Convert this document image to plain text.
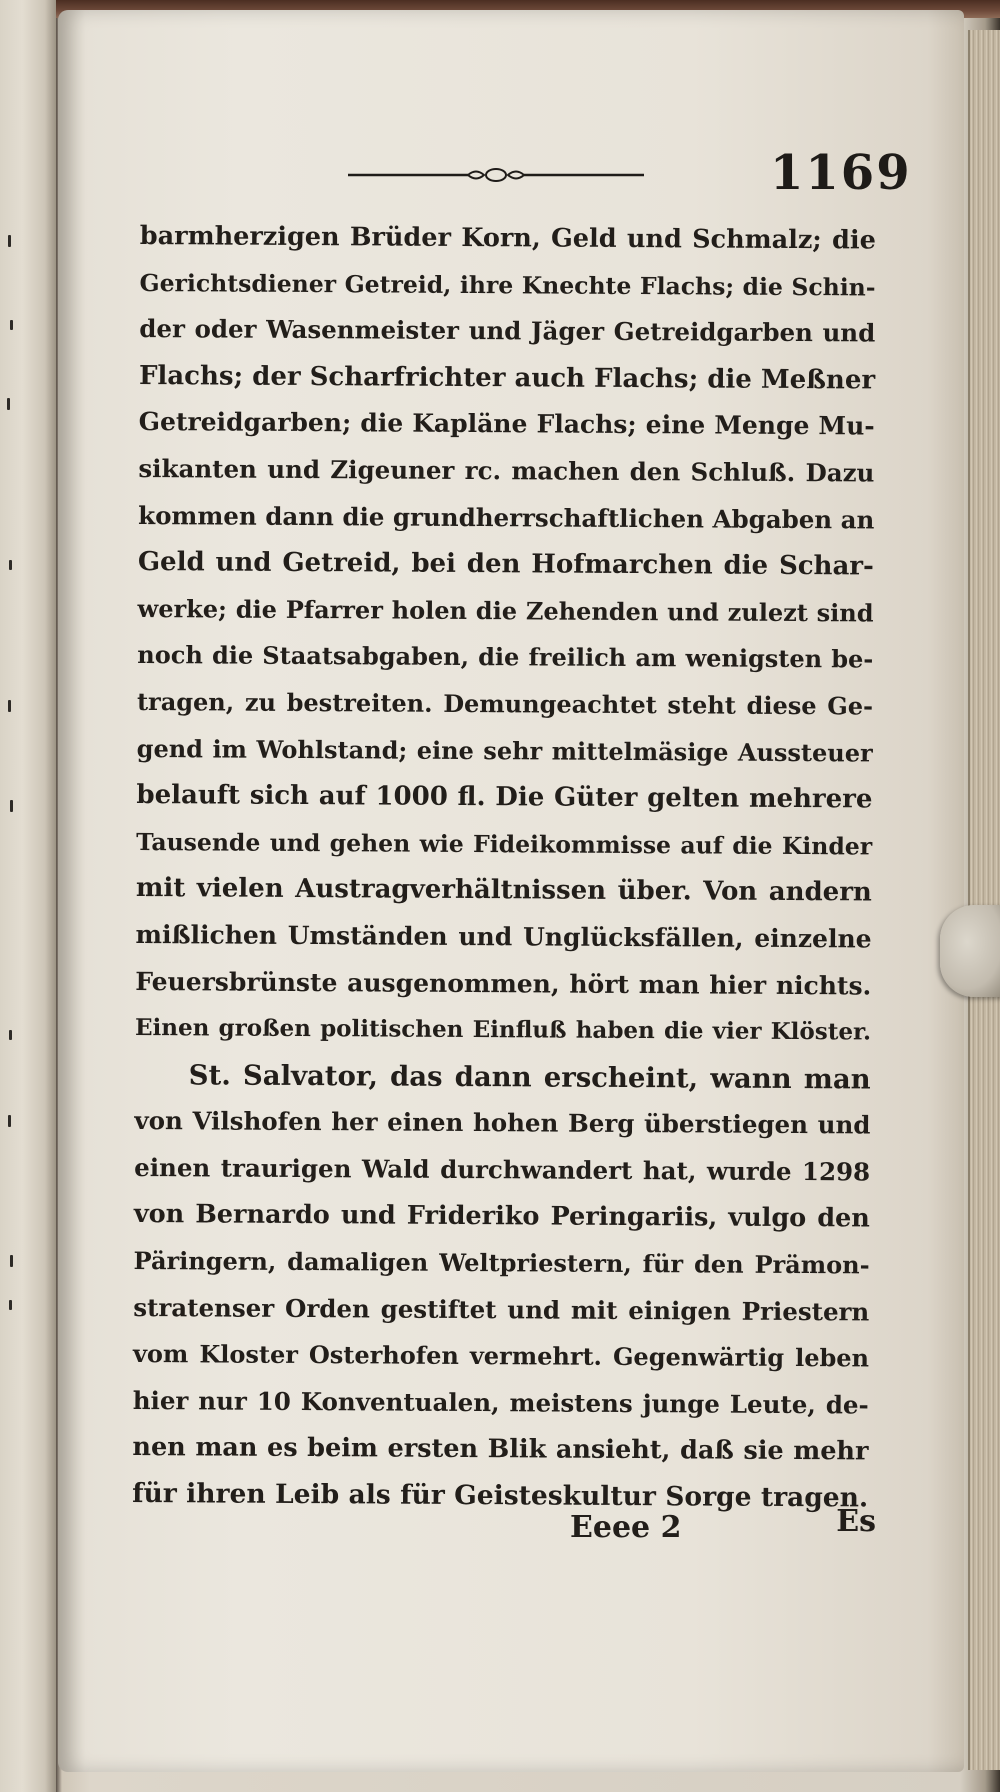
1169
barmherzigen Brüder Korn, Geld und Schmalz; die
Gerichtsdiener Getreid, ihre Knechte Flachs; die Schin-
der oder Wasenmeister und Jäger Getreidgarben und
Flachs; der Scharfrichter auch Flachs; die Meßner
Getreidgarben; die Kapläne Flachs; eine Menge Mu-
sikanten und Zigeuner rc. machen den Schluß. Dazu
kommen dann die grundherrschaftlichen Abgaben an
Geld und Getreid, bei den Hofmarchen die Schar-
werke; die Pfarrer holen die Zehenden und zulezt sind
noch die Staatsabgaben, die freilich am wenigsten be-
tragen, zu bestreiten. Demungeachtet steht diese Ge-
gend im Wohlstand; eine sehr mittelmäsige Aussteuer
belauft sich auf 1000 fl. Die Güter gelten mehrere
Tausende und gehen wie Fideikommisse auf die Kinder
mit vielen Austragverhältnissen über. Von andern
mißlichen Umständen und Unglücksfällen, einzelne
Feuersbrünste ausgenommen, hört man hier nichts.
Einen großen politischen Einfluß haben die vier Klöster.
St. Salvator, das dann erscheint, wann man
von Vilshofen her einen hohen Berg überstiegen und
einen traurigen Wald durchwandert hat, wurde 1298
von Bernardo und Frideriko Peringariis, vulgo den
Päringern, damaligen Weltpriestern, für den Prämon-
stratenser Orden gestiftet und mit einigen Priestern
vom Kloster Osterhofen vermehrt. Gegenwärtig leben
hier nur 10 Konventualen, meistens junge Leute, de-
nen man es beim ersten Blik ansieht, daß sie mehr
für ihren Leib als für Geisteskultur Sorge tragen.
Eeee 2	Es
